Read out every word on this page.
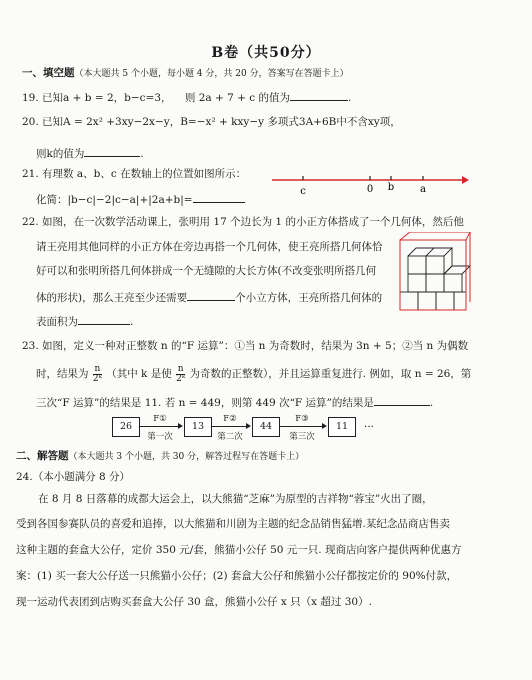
B卷（共50分）
一、填空题（本大题共 5 个小题，每小题 4 分，共 20 分，答案写在答题卡上）
19. 已知a + b = 2，b−c=3， 则 2a + 7 + c 的值为	.
20. 已知A = 2x² +3xy−2x−y，B=−x² + kxy−y 多项式3A+6B中不含xy项，
则k的值为	.
21. 有理数 a、b、c 在数轴上的位置如图所示：
化简：|b−c|−2|c−a|+|2a+b|=
c	0 b	a
22. 如图，在一次数学活动课上，张明用 17 个边长为 1 的小正方体搭成了一个几何体，然后他
请王亮用其他同样的小正方体在旁边再搭一个几何体，使王亮所搭几何体恰
好可以和张明所搭几何体拼成一个无缝隙的大长方体(不改变张明所搭几何
体的形状)，那么王亮至少还需要	个小立方体，王亮所搭几何体的
表面积为	.
23. 如图，定义一种对正整数 n 的“F 运算”：①当 n 为奇数时，结果为 3n + 5；②当 n 为偶数
时，结果为 $\frac{n}{\text{2ᵏ}}$ （其中 k 是使 $\frac{n}{\text{2ᵏ}}$ 为奇数的正整数），并且运算重复进行. 例如，取 n = 26，第
三次“F 运算”的结果是 11. 若 n = 449，则第 449 次“F 运算”的结果是	.
26
F①
第一次
13
F②
第二次
44
F③
第三次
11	···
二、解答题（本大题共 3 个小题，共 30 分，解答过程写在答题卡上）
24.（本小题满分 8 分）
在 8 月 8 日落幕的成都大运会上，以大熊猫“芝麻”为原型的吉祥物“蓉宝”火出了圈，
受到各国参赛队员的喜爱和追捧，以大熊猫和川剧为主题的纪念品销售猛增.某纪念品商店售卖
这种主题的套盒大公仔，定价 350 元/套，熊猫小公仔 50 元一只. 现商店向客户提供两种优惠方
案：(1) 买一套大公仔送一只熊猫小公仔；(2) 套盒大公仔和熊猫小公仔都按定价的 90%付款，
现一运动代表团到店购买套盒大公仔 30 盒，熊猫小公仔 x 只（x 超过 30）.
